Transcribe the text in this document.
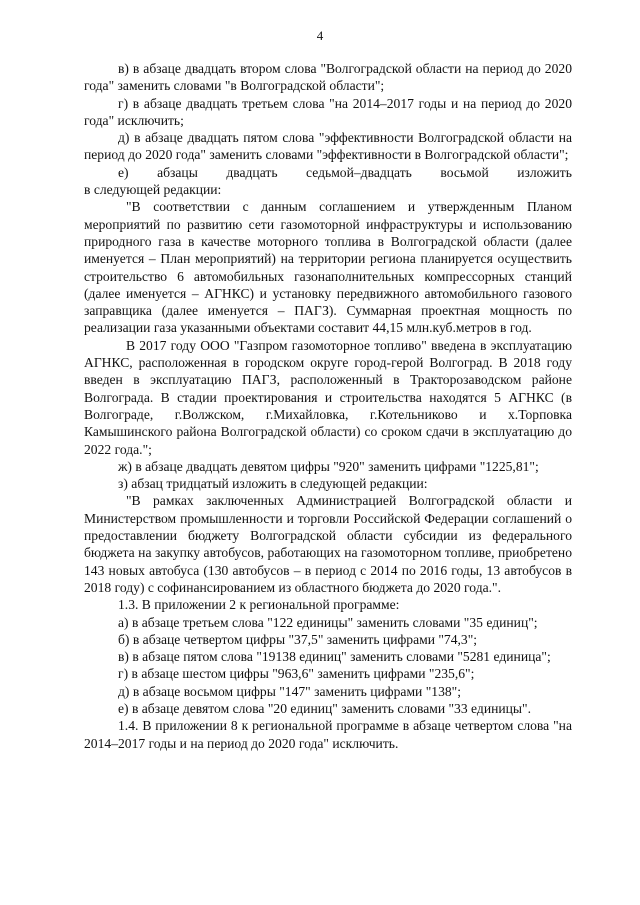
4

в) в абзаце двадцать втором слова "Волгоградской области на период до 2020 года" заменить словами "в Волгоградской области";

г) в абзаце двадцать третьем слова "на 2014–2017 годы и на период до 2020 года" исключить;

д) в абзаце двадцать пятом слова "эффективности Волгоградской области на период до 2020 года" заменить словами "эффективности в Волгоградской области";

е) абзацы двадцать седьмой–двадцать восьмой изложить

в следующей редакции:

"В соответствии с данным соглашением и утвержденным Планом мероприятий по развитию сети газомоторной инфраструктуры и использованию природного газа в качестве моторного топлива в Волгоградской области (далее именуется – План мероприятий) на территории региона планируется осуществить строительство 6 автомобильных газонаполнительных компрессорных станций (далее именуется – АГНКС) и установку передвижного автомобильного газового заправщика (далее именуется – ПАГЗ). Суммарная проектная мощность по реализации газа указанными объектами составит 44,15 млн.куб.метров в год.

В 2017 году ООО "Газпром газомоторное топливо" введена в эксплуатацию АГНКС, расположенная в городском округе город-герой Волгоград. В 2018 году введен в эксплуатацию ПАГЗ, расположенный в Тракторозаводском районе Волгограда. В стадии проектирования и строительства находятся 5 АГНКС (в Волгограде, г.Волжском, г.Михайловка, г.Котельниково и х.Торповка Камышинского района Волгоградской области) со сроком сдачи в эксплуатацию до 2022 года.";

ж) в абзаце двадцать девятом цифры "920" заменить цифрами "1225,81";

з) абзац тридцатый изложить в следующей редакции:

"В рамках заключенных Администрацией Волгоградской области и Министерством промышленности и торговли Российской Федерации соглашений о предоставлении бюджету Волгоградской области субсидии из федерального бюджета на закупку автобусов, работающих на газомоторном топливе, приобретено 143 новых автобуса (130 автобусов – в период с 2014 по 2016 годы, 13 автобусов в 2018 году) с софинансированием из областного бюджета до 2020 года.".

1.3. В приложении 2 к региональной программе:

а) в абзаце третьем слова "122 единицы" заменить словами "35 единиц";

б) в абзаце четвертом цифры "37,5" заменить цифрами "74,3";

в) в абзаце пятом слова "19138 единиц" заменить словами "5281 единица";

г) в абзаце шестом цифры "963,6" заменить цифрами "235,6";

д) в абзаце восьмом цифры "147" заменить цифрами "138";

е) в абзаце девятом слова "20 единиц" заменить словами "33 единицы".

1.4. В приложении 8 к региональной программе в абзаце четвертом слова "на 2014–2017 годы и на период до 2020 года" исключить.
